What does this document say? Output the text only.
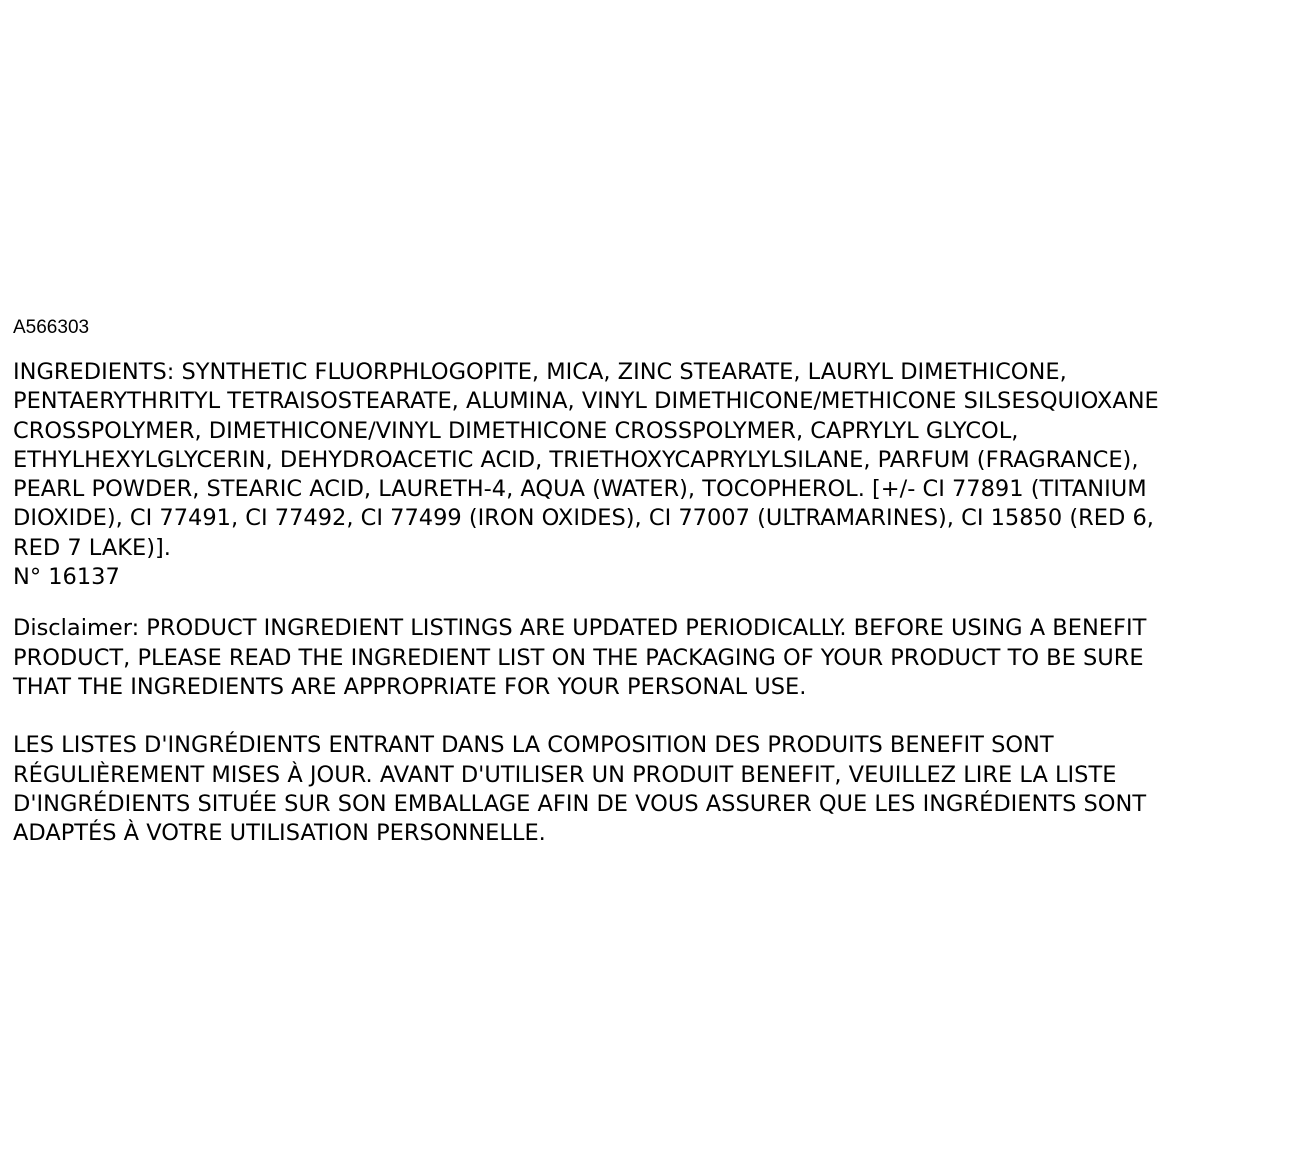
A566303
INGREDIENTS: SYNTHETIC FLUORPHLOGOPITE, MICA, ZINC STEARATE, LAURYL DIMETHICONE,
PENTAERYTHRITYL TETRAISOSTEARATE, ALUMINA, VINYL DIMETHICONE/METHICONE SILSESQUIOXANE
CROSSPOLYMER, DIMETHICONE/VINYL DIMETHICONE CROSSPOLYMER, CAPRYLYL GLYCOL,
ETHYLHEXYLGLYCERIN, DEHYDROACETIC ACID, TRIETHOXYCAPRYLYLSILANE, PARFUM (FRAGRANCE),
PEARL POWDER, STEARIC ACID, LAURETH-4, AQUA (WATER), TOCOPHEROL. [+/- CI 77891 (TITANIUM
DIOXIDE), CI 77491, CI 77492, CI 77499 (IRON OXIDES), CI 77007 (ULTRAMARINES), CI 15850 (RED 6,
RED 7 LAKE)].
N° 16137
Disclaimer: PRODUCT INGREDIENT LISTINGS ARE UPDATED PERIODICALLY. BEFORE USING A BENEFIT
PRODUCT, PLEASE READ THE INGREDIENT LIST ON THE PACKAGING OF YOUR PRODUCT TO BE SURE
THAT THE INGREDIENTS ARE APPROPRIATE FOR YOUR PERSONAL USE.
LES LISTES D'INGRÉDIENTS ENTRANT DANS LA COMPOSITION DES PRODUITS BENEFIT SONT
RÉGULIÈREMENT MISES À JOUR. AVANT D'UTILISER UN PRODUIT BENEFIT, VEUILLEZ LIRE LA LISTE
D'INGRÉDIENTS SITUÉE SUR SON EMBALLAGE AFIN DE VOUS ASSURER QUE LES INGRÉDIENTS SONT
ADAPTÉS À VOTRE UTILISATION PERSONNELLE.
